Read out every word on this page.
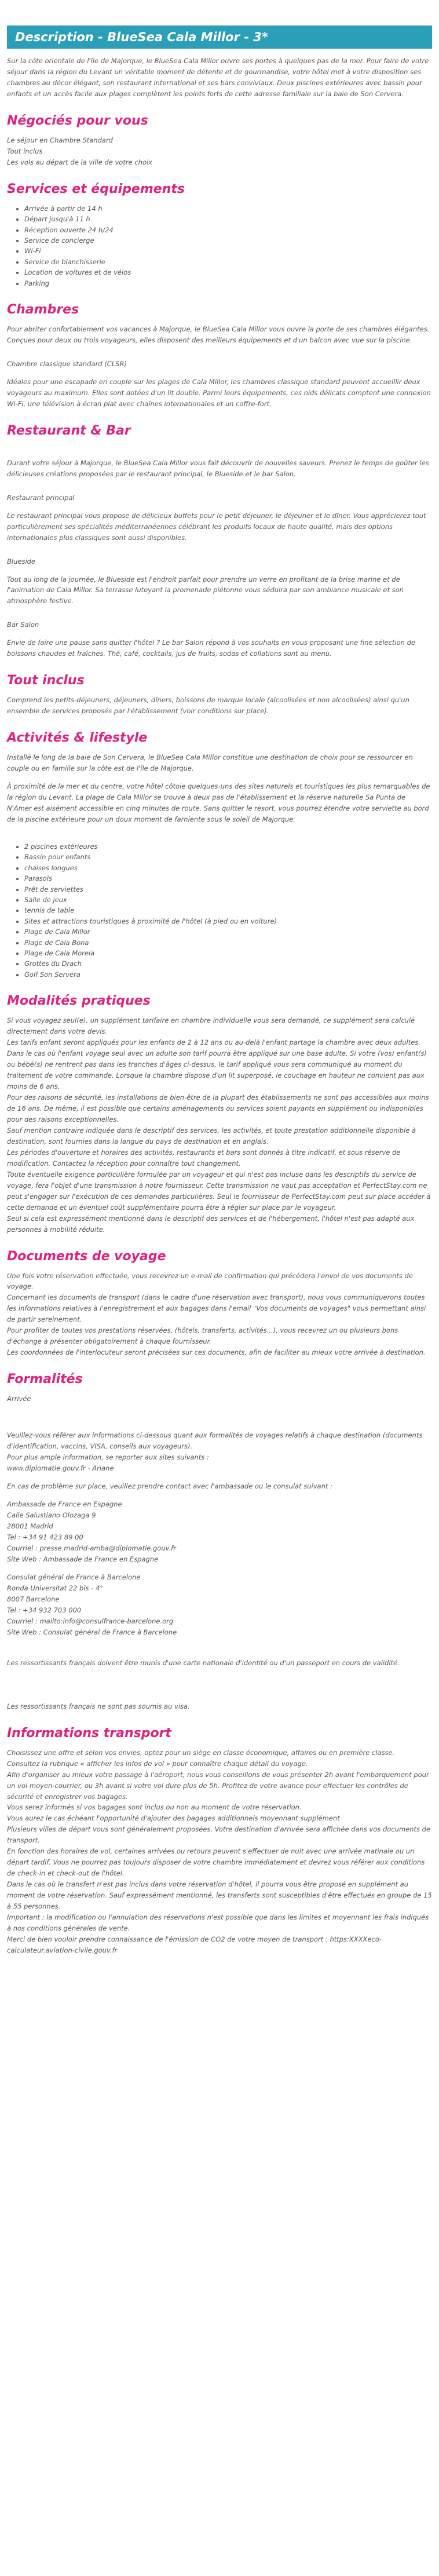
Description - BlueSea Cala Millor - 3*

Sur la côte orientale de l'île de Majorque, le BlueSea Cala Millor ouvre ses portes à quelques pas de la mer. Pour faire de votre séjour dans la région du Levant un véritable moment de détente et de gourmandise, votre hôtel met à votre disposition ses chambres au décor élégant, son restaurant international et ses bars conviviaux. Deux piscines extérieures avec bassin pour enfants et un accès facile aux plages complètent les points forts de cette adresse familiale sur la baie de Son Cervera.

Négociés pour vous

Le séjour en Chambre Standard

Tout inclus

Les vols au départ de la ville de votre choix

Services et équipements
• Arrivée à partir de 14 h
• Départ jusqu'à 11 h
• Réception ouverte 24 h/24
• Service de concierge
• Wi-Fi
• Service de blanchisserie
• Location de voitures et de vélos
• Parking
Chambres

Pour abriter confortablement vos vacances à Majorque, le BlueSea Cala Millor vous ouvre la porte de ses chambres élégantes. Conçues pour deux ou trois voyageurs, elles disposent des meilleurs équipements et d'un balcon avec vue sur la piscine.

Chambre classique standard (CLSR)

Idéales pour une escapade en couple sur les plages de Cala Millor, les chambres classique standard peuvent accueillir deux voyageurs au maximum. Elles sont dotées d'un lit double. Parmi leurs équipements, ces nids délicats comptent une connexion Wi-Fi, une télévision à écran plat avec chaînes internationales et un coffre-fort.

Restaurant & Bar

Durant votre séjour à Majorque, le BlueSea Cala Millor vous fait découvrir de nouvelles saveurs. Prenez le temps de goûter les délicieuses créations proposées par le restaurant principal, le Blueside et le bar Salon.

Restaurant principal

Le restaurant principal vous propose de délicieux buffets pour le petit déjeuner, le déjeuner et le dîner. Vous apprécierez tout particulièrement ses spécialités méditerranéennes célébrant les produits locaux de haute qualité, mais des options internationales plus classiques sont aussi disponibles.

Blueside

Tout au long de la journée, le Blueside est l'endroit parfait pour prendre un verre en profitant de la brise marine et de l'animation de Cala Millor. Sa terrasse lutoyant la promenade piétonne vous séduira par son ambiance musicale et son atmosphère festive.

Bar Salon

Envie de faire une pause sans quitter l'hôtel ? Le bar Salon répond à vos souhaits en vous proposant une fine sélection de boissons chaudes et fraîches. Thé, café, cocktails, jus de fruits, sodas et collations sont au menu.

Tout inclus

Comprend les petits-déjeuners, déjeuners, dîners, boissons de marque locale (alcoolisées et non alcoolisées) ainsi qu'un ensemble de services proposés par l'établissement (voir conditions sur place).

Activités & lifestyle

Installé le long de la baie de Son Cervera, le BlueSea Cala Millor constitue une destination de choix pour se ressourcer en couple ou en famille sur la côte est de l'île de Majorque.

À proximité de la mer et du centre, votre hôtel côtoie quelques-uns des sites naturels et touristiques les plus remarquables de la région du Levant. La plage de Cala Millor se trouve à deux pas de l'établissement et la réserve naturelle Sa Punta de N'Amer est aisément accessible en cinq minutes de route. Sans quitter le resort, vous pourrez étendre votre serviette au bord de la piscine extérieure pour un doux moment de farniente sous le soleil de Majorque.

• 2 piscines extérieures
• Bassin pour enfants
• chaises longues
• Parasols
• Prêt de serviettes
• Salle de jeux
• tennis de table
• Sites et attractions touristiques à proximité de l'hôtel (à pied ou en voiture)
• Plage de Cala Millor
• Plage de Cala Bona
• Plage de Cala Moreia
• Grottes du Drach
• Golf Son Servera
Modalités pratiques

Si vous voyagez seul(e), un supplément tarifaire en chambre individuelle vous sera demandé, ce supplément sera calculé directement dans votre devis.

Les tarifs enfant seront appliqués pour les enfants de 2 à 12 ans ou au-delà l'enfant partage la chambre avec deux adultes. Dans le cas où l'enfant voyage seul avec un adulte son tarif pourra être appliqué sur une base adulte. Si votre (vos) enfant(s) ou bébé(s) ne rentrent pas dans les tranches d'âges ci-dessus, le tarif appliqué vous sera communiqué au moment du traitement de votre commande. Lorsque la chambre dispose d'un lit superposé, le couchage en hauteur ne convient pas aux moins de 6 ans.

Pour des raisons de sécurité, les installations de bien-être de la plupart des établissements ne sont pas accessibles aux moins de 16 ans. De même, il est possible que certains aménagements ou services soient payants en supplément ou indisponibles pour des raisons exceptionnelles.

Sauf mention contraire indiquée dans le descriptif des services, les activités, et toute prestation additionnelle disponible à destination, sont fournies dans la langue du pays de destination et en anglais.

Les périodes d'ouverture et horaires des activités, restaurants et bars sont donnés à titre indicatif, et sous réserve de modification. Contactez la réception pour connaître tout changement.

Toute éventuelle exigence particulière formulée par un voyageur et qui n'est pas incluse dans les descriptifs du service de voyage, fera l'objet d'une transmission à notre fournisseur. Cette transmission ne vaut pas acceptation et PerfectStay.com ne peut s'engager sur l'exécution de ces demandes particulières. Seul le fournisseur de PerfectStay.com peut sur place accéder à cette demande et un éventuel coût supplémentaire pourra être à régler sur place par le voyageur.

Seul si cela est expressément mentionné dans le descriptif des services et de l'hébergement, l'hôtel n'est pas adapté aux personnes à mobilité réduite.

Documents de voyage

Une fois votre réservation effectuée, vous recevrez un e-mail de confirmation qui précédera l'envoi de vos documents de voyage.

Concernant les documents de transport (dans le cadre d'une réservation avec transport), nous vous communiquerons toutes les informations relatives à l'enregistrement et aux bagages dans l'email "Vos documents de voyages" vous permettant ainsi de partir sereinement.

Pour profiter de toutes vos prestations réservées, (hôtels, transferts, activités...), vous recevrez un ou plusieurs bons d'échange à présenter obligatoirement à chaque fournisseur.

Les coordonnées de l'interlocuteur seront précisées sur ces documents, afin de faciliter au mieux votre arrivée à destination.

Formalités

Arrivée

Veuillez-vous référer aux informations ci-dessous quant aux formalités de voyages relatifs à chaque destination (documents d'identification, vaccins, VISA, conseils aux voyageurs).

Pour plus ample information, se reporter aux sites suivants :

www.diplomatie.gouv.fr - Ariane

En cas de problème sur place, veuillez prendre contact avec l'ambassade ou le consulat suivant :

Ambassade de France en Espagne

Calle Salustiano Olozaga 9

28001 Madrid

Tel : +34 91 423 89 00

Courriel : presse.madrid-amba@diplomatie.gouv.fr

Site Web : Ambassade de France en Espagne

Consulat général de France à Barcelone

Ronda Universitat 22 bis - 4°

8007 Barcelone

Tel : +34 932 703 000

Courriel : mailto:info@consulfrance-barcelone.org

Site Web : Consulat général de France à Barcelone

Les ressortissants français doivent être munis d'une carte nationale d'identité ou d'un passeport en cours de validité.

Les ressortissants français ne sont pas soumis au visa.

Informations transport

Choisissez une offre et selon vos envies, optez pour un siège en classe économique, affaires ou en première classe.

Consultez la rubrique « afficher les infos de vol » pour connaître chaque détail du voyage.

Afin d'organiser au mieux votre passage à l'aéroport, nous vous conseillons de vous présenter 2h avant l'embarquement pour un vol moyen-courrier, ou 3h avant si votre vol dure plus de 5h. Profitez de votre avance pour effectuer les contrôles de sécurité et enregistrer vos bagages.

Vous serez informés si vos bagages sont inclus ou non au moment de votre réservation.

Vous aurez le cas échéant l'opportunité d'ajouter des bagages additionnels moyennant supplément

Plusieurs villes de départ vous sont généralement proposées. Votre destination d'arrivée sera affichée dans vos documents de transport.

En fonction des horaires de vol, certaines arrivées ou retours peuvent s'effectuer de nuit avec une arrivée matinale ou un départ tardif. Vous ne pourrez pas toujours disposer de votre chambre immédiatement et devrez vous référer aux conditions de check-in et check-out de l'hôtel.

Dans le cas où le transfert n'est pas inclus dans votre réservation d'hôtel, il pourra vous être proposé en supplément au moment de votre réservation. Sauf expressément mentionné, les transferts sont susceptibles d'être effectués en groupe de 15 à 55 personnes.

Important : la modification ou l'annulation des réservations n'est possible que dans les limites et moyennant les frais indiqués à nos conditions générales de vente.

Merci de bien vouloir prendre connaissance de l'émission de CO2 de votre moyen de transport : https:XXXXeco-calculateur.aviation-civile.gouv.fr
